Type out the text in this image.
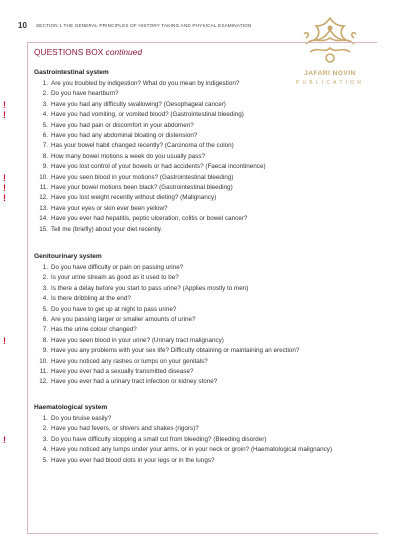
10 SECTION 1 THE GENERAL PRINCIPLES OF HISTORY TAKING AND PHYSICAL EXAMINATION
JAFARI NOVIN
PUBLICATION
QUESTIONS BOX continued
Gastrointestinal system
1. Are you troubled by indigestion? What do you mean by indigestion?
2. Do you have heartburn?
!	3. Have you had any difficulty swallowing? (Oesophageal cancer)
!	4. Have you had vomiting, or vomited blood? (Gastrointestinal bleeding)
5. Have you had pain or discomfort in your abdomen?
6. Have you had any abdominal bloating or distension?
7. Has your bowel habit changed recently? (Carcinoma of the colon)
8. How many bowel motions a week do you usually pass?
9. Have you lost control of your bowels or had accidents? (Faecal incontinence)
!	10. Have you seen blood in your motions? (Gastrointestinal bleeding)
!	11. Have your bowel motions been black? (Gastrointestinal bleeding)
!	12. Have you lost weight recently without dieting? (Malignancy)
13. Have your eyes or skin ever been yellow?
14. Have you ever had hepatitis, peptic ulceration, colitis or bowel cancer?
15. Tell me (briefly) about your diet recently.
Genitourinary system
1. Do you have difficulty or pain on passing urine?
2. Is your urine stream as good as it used to be?
3. Is there a delay before you start to pass urine? (Applies mostly to men)
4. Is there dribbling at the end?
5. Do you have to get up at night to pass urine?
6. Are you passing larger or smaller amounts of urine?
7. Has the urine colour changed?
!	8. Have you seen blood in your urine? (Urinary tract malignancy)
9. Have you any problems with your sex life? Difficulty obtaining or maintaining an erection?
10. Have you noticed any rashes or lumps on your genitals?
11. Have you ever had a sexually transmitted disease?
12. Have you ever had a urinary tract infection or kidney stone?
Haematological system
1. Do you bruise easily?
2. Have you had fevers, or shivers and shakes (rigors)?
!	3. Do you have difficulty stopping a small cut from bleeding? (Bleeding disorder)
4. Have you noticed any lumps under your arms, or in your neck or groin? (Haematological malignancy)
5. Have you ever had blood clots in your legs or in the lungs?
